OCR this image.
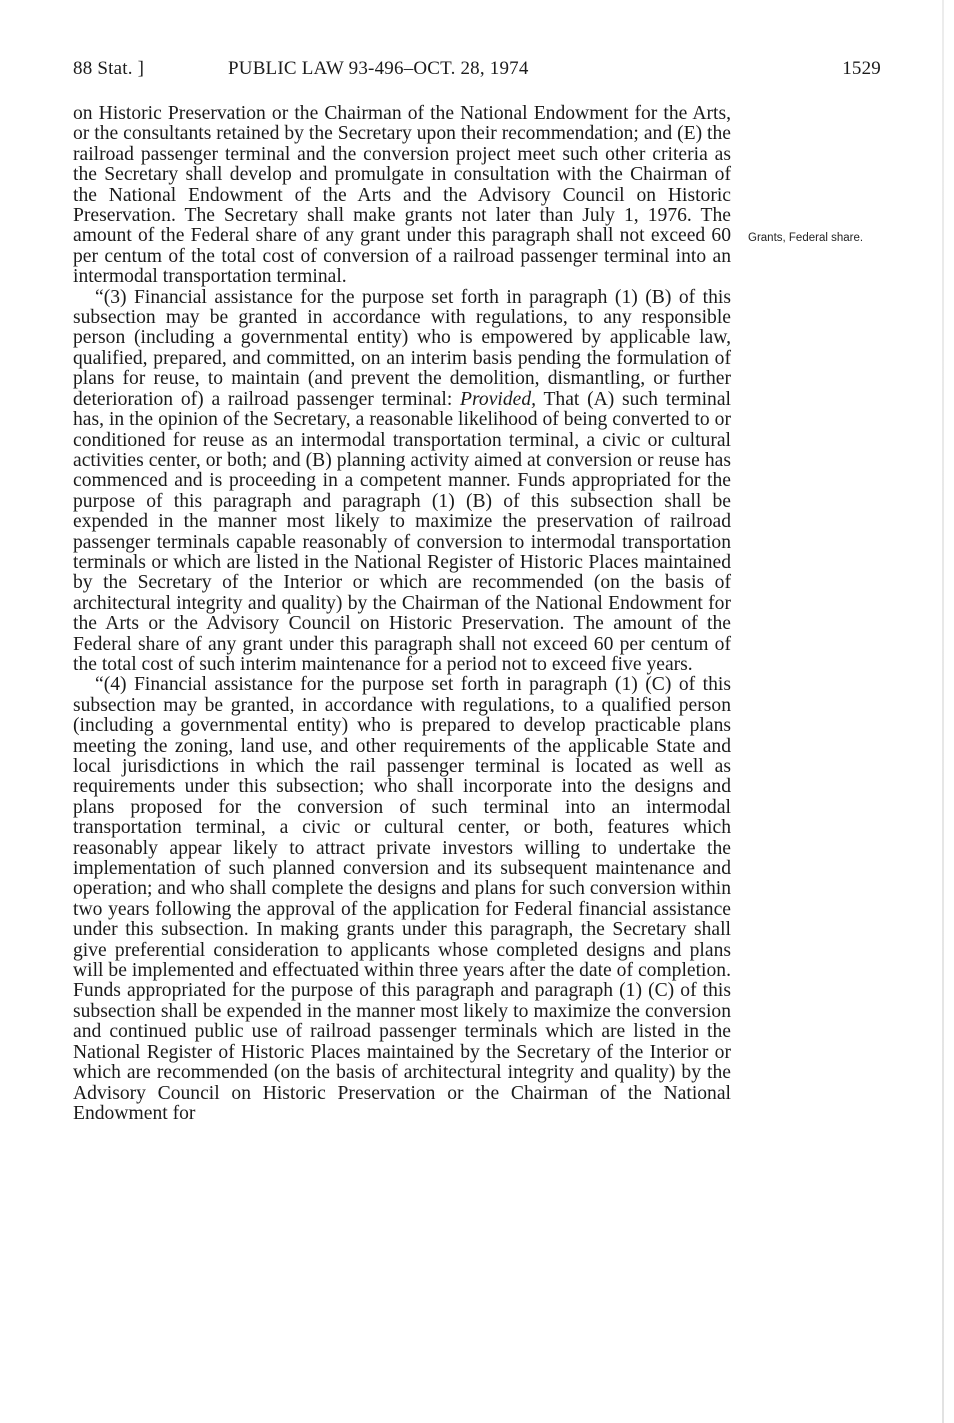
88 Stat. ]	PUBLIC LAW 93-496–OCT. 28, 1974	1529

on Historic Preservation or the Chairman of the National Endowment for the Arts, or the consultants retained by the Secretary upon their recommendation; and (E) the railroad passenger terminal and the conversion project meet such other criteria as the Secretary shall develop and promulgate in consultation with the Chairman of the National Endowment of the Arts and the Advisory Council on Historic Preservation. The Secretary shall make grants not later than July 1, 1976. The amount of the Federal share of any grant under this paragraph shall not exceed 60 per centum of the total cost of conversion of a railroad passenger terminal into an intermodal transportation terminal.

“(3) Financial assistance for the purpose set forth in paragraph (1) (B) of this subsection may be granted in accordance with regulations, to any responsible person (including a governmental entity) who is empowered by applicable law, qualified, prepared, and committed, on an interim basis pending the formulation of plans for reuse, to maintain (and prevent the demolition, dismantling, or further deterioration of) a railroad passenger terminal: Provided, That (A) such terminal has, in the opinion of the Secretary, a reasonable likelihood of being converted to or conditioned for reuse as an intermodal transportation terminal, a civic or cultural activities center, or both; and (B) planning activity aimed at conversion or reuse has commenced and is proceeding in a competent manner. Funds appropriated for the purpose of this paragraph and paragraph (1) (B) of this subsection shall be expended in the manner most likely to maximize the preservation of railroad passenger terminals capable reasonably of conversion to intermodal transportation terminals or which are listed in the National Register of Historic Places maintained by the Secretary of the Interior or which are recommended (on the basis of architectural integrity and quality) by the Chairman of the National Endowment for the Arts or the Advisory Council on Historic Preservation. The amount of the Federal share of any grant under this paragraph shall not exceed 60 per centum of the total cost of such interim maintenance for a period not to exceed five years.

“(4) Financial assistance for the purpose set forth in paragraph (1) (C) of this subsection may be granted, in accordance with regulations, to a qualified person (including a governmental entity) who is prepared to develop practicable plans meeting the zoning, land use, and other requirements of the applicable State and local jurisdictions in which the rail passenger terminal is located as well as requirements under this subsection; who shall incorporate into the designs and plans proposed for the conversion of such terminal into an intermodal transportation terminal, a civic or cultural center, or both, features which reasonably appear likely to attract private investors willing to undertake the implementation of such planned conversion and its subsequent maintenance and operation; and who shall complete the designs and plans for such conversion within two years following the approval of the application for Federal financial assistance under this subsection. In making grants under this paragraph, the Secretary shall give preferential consideration to applicants whose completed designs and plans will be implemented and effectuated within three years after the date of completion. Funds appropriated for the purpose of this paragraph and paragraph (1) (C) of this subsection shall be expended in the manner most likely to maximize the conversion and continued public use of railroad passenger terminals which are listed in the National Register of Historic Places maintained by the Secretary of the Interior or which are recommended (on the basis of architectural integrity and quality) by the Advisory Council on Historic Preservation or the Chairman of the National Endowment for

Grants, Federal share.
